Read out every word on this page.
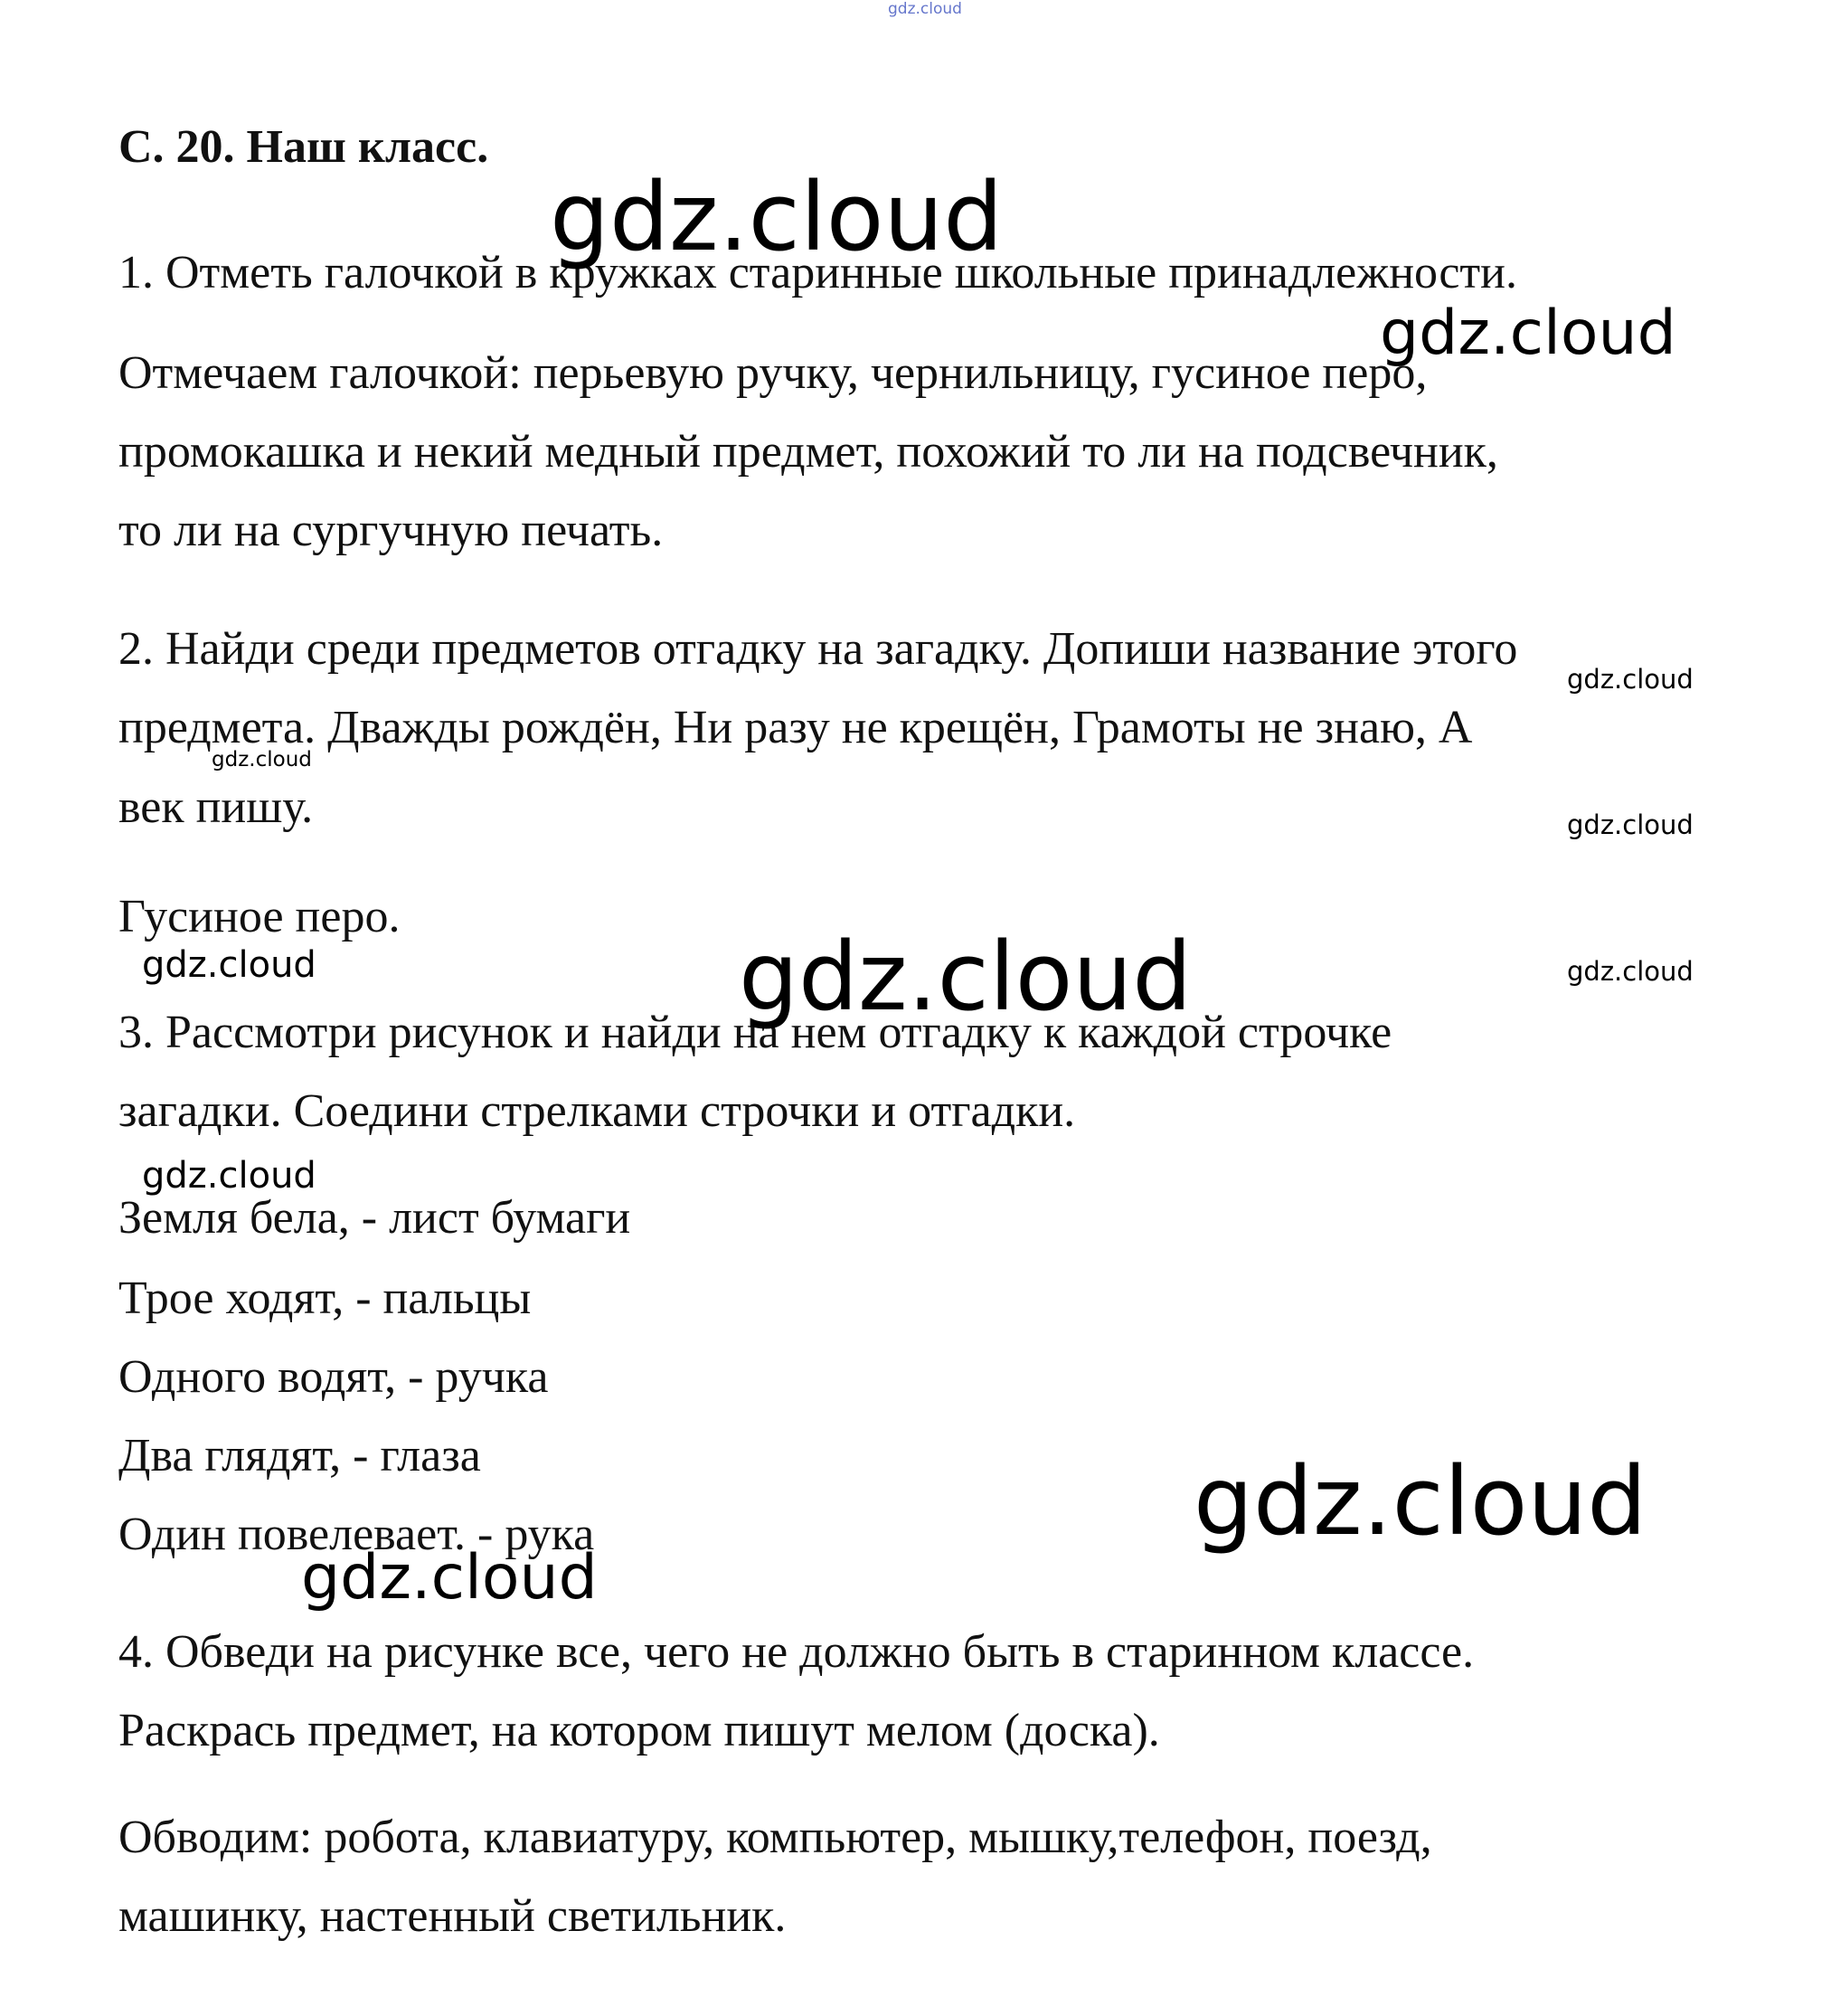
gdz.cloud

С. 20. Наш класс.

1. Отметь галочкой в кружках старинные школьные принадлежности.

Отмечаем галочкой: перьевую ручку, чернильницу, гусиное перо,

промокашка и некий медный предмет, похожий то ли на подсвечник,

то ли на сургучную печать.

2. Найди среди предметов отгадку на загадку. Допиши название этого

предмета. Дважды рождён, Ни разу не крещён, Грамоты не знаю, А

век пишу.

Гусиное перо.

3. Рассмотри рисунок и найди на нем отгадку к каждой строчке

загадки. Соедини стрелками строчки и отгадки.

Земля бела, - лист бумаги

Трое ходят, - пальцы

Одного водят, - ручка

Два глядят, - глаза

Один повелевает. - рука

4. Обведи на рисунке все, чего не должно быть в старинном классе.

Раскрась предмет, на котором пишут мелом (доска).

Обводим: робота, клавиатуру, компьютер, мышку,телефон, поезд,

машинку, настенный светильник.

gdz.cloud
gdz.cloud
gdz.cloud
gdz.cloud
gdz.cloud
gdz.cloud	gdz.cloud	gdz.cloud
gdz.cloud
gdz.cloud
gdz.cloud
